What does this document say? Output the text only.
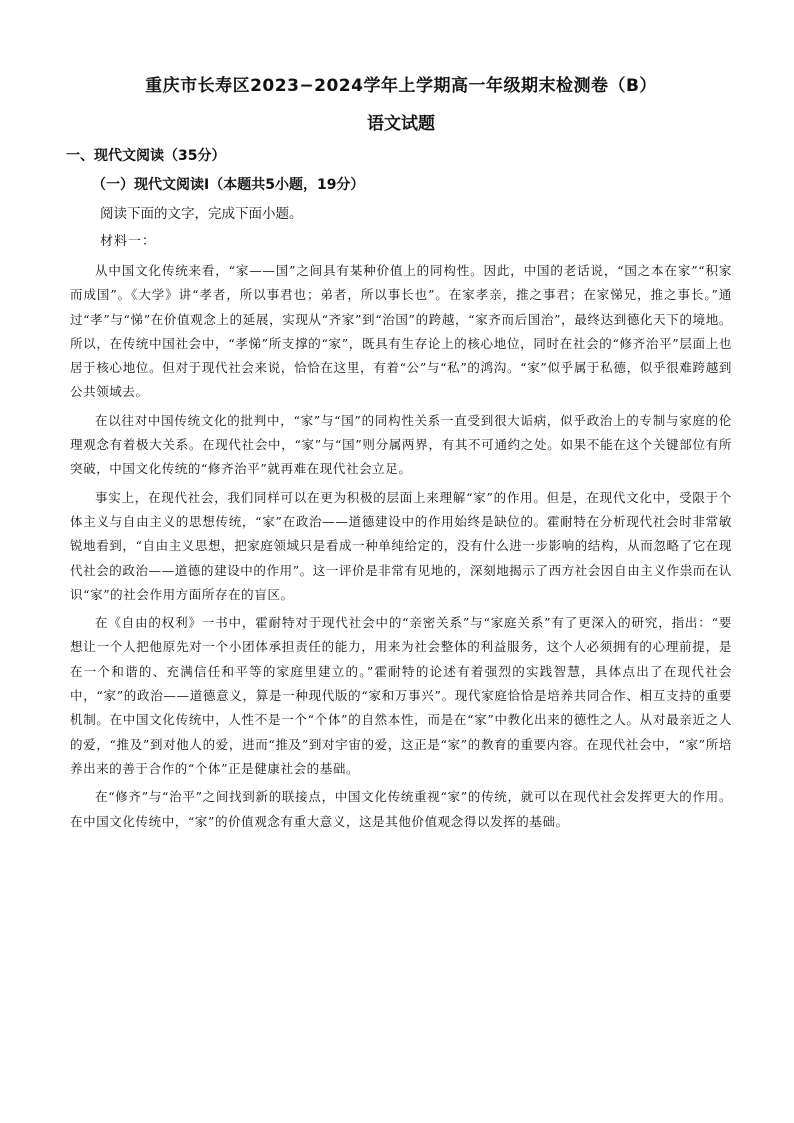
重庆市长寿区2023−2024学年上学期高一年级期末检测卷（B）
语文试题
一、现代文阅读（35分）
（一）现代文阅读Ⅰ（本题共5小题，19分）
阅读下面的文字，完成下面小题。
材料一：

从中国文化传统来看，“家——国”之间具有某种价值上的同构性。因此，中国的老话说，“国之本在家”“积家而成国”。《大学》讲“孝者，所以事君也；弟者，所以事长也”。在家孝亲，推之事君；在家悌兄，推之事长。”通过“孝”与“悌”在价值观念上的延展，实现从“齐家”到“治国”的跨越，“家齐而后国治”，最终达到德化天下的境地。所以，在传统中国社会中，“孝悌”所支撑的“家”，既具有生存论上的核心地位，同时在社会的“修齐治平”层面上也居于核心地位。但对于现代社会来说，恰恰在这里，有着“公”与“私”的鸿沟。“家”似乎属于私德，似乎很难跨越到公共领域去。

在以往对中国传统文化的批判中，“家”与“国”的同构性关系一直受到很大诟病，似乎政治上的专制与家庭的伦理观念有着极大关系。在现代社会中，“家”与“国”则分属两界，有其不可通约之处。如果不能在这个关键部位有所突破，中国文化传统的“修齐治平”就再难在现代社会立足。

事实上，在现代社会，我们同样可以在更为积极的层面上来理解“家”的作用。但是，在现代文化中，受限于个体主义与自由主义的思想传统，“家”在政治——道德建设中的作用始终是缺位的。霍耐特在分析现代社会时非常敏锐地看到，“自由主义思想，把家庭领域只是看成一种单纯给定的，没有什么进一步影响的结构，从而忽略了它在现代社会的政治——道德的建设中的作用”。这一评价是非常有见地的，深刻地揭示了西方社会因自由主义作祟而在认识“家”的社会作用方面所存在的盲区。

在《自由的权利》一书中，霍耐特对于现代社会中的“亲密关系”与“家庭关系”有了更深入的研究，指出：“要想让一个人把他原先对一个小团体承担责任的能力，用来为社会整体的利益服务，这个人必须拥有的心理前提，是在一个和谐的、充满信任和平等的家庭里建立的。”霍耐特的论述有着强烈的实践智慧，具体点出了在现代社会中，“家”的政治——道德意义，算是一种现代版的“家和万事兴”。现代家庭恰恰是培养共同合作、相互支持的重要机制。在中国文化传统中，人性不是一个“个体”的自然本性，而是在“家”中教化出来的德性之人。从对最亲近之人的爱，“推及”到对他人的爱，进而“推及”到对宇宙的爱，这正是“家”的教育的重要内容。在现代社会中，“家”所培养出来的善于合作的“个体”正是健康社会的基础。

在“修齐”与“治平”之间找到新的联接点，中国文化传统重视“家”的传统，就可以在现代社会发挥更大的作用。在中国文化传统中，“家”的价值观念有重大意义，这是其他价值观念得以发挥的基础。
